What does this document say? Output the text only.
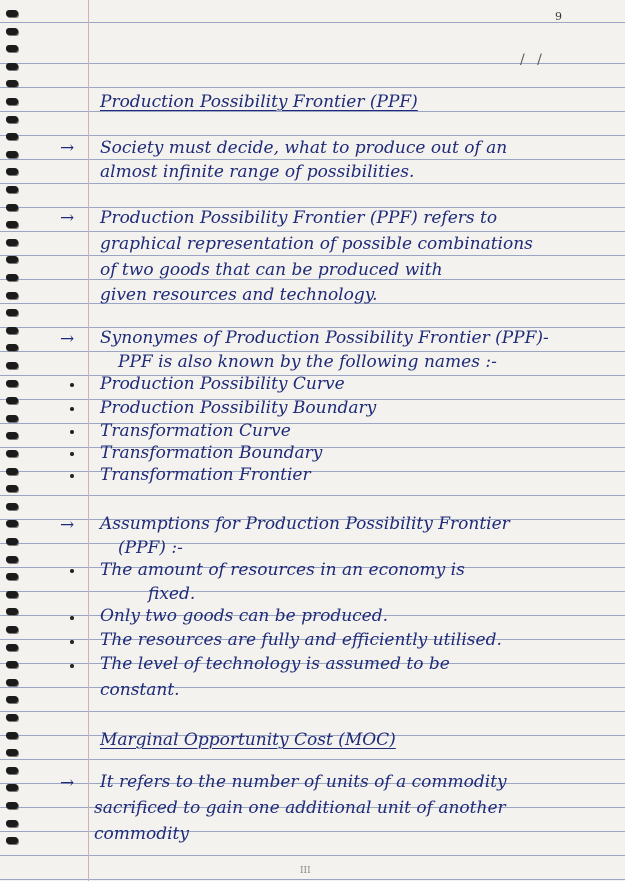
9
/ /
Production Possibility Frontier (PPF)
→ Society must decide, what to produce out of an
almost infinite range of possibilities.
→ Production Possibility Frontier (PPF) refers to
graphical representation of possible combinations
of two goods that can be produced with
given resources and technology.
→ Synonymes of Production Possibility Frontier (PPF)-
PPF is also known by the following names :-
Production Possibility Curve
Production Possibility Boundary
Transformation Curve
Transformation Boundary
Transformation Frontier
→ Assumptions for Production Possibility Frontier
(PPF) :-
The amount of resources in an economy is
fixed.
Only two goods can be produced.
The resources are fully and efficiently utilised.
The level of technology is assumed to be
constant.
Marginal Opportunity Cost (MOC)
→ It refers to the number of units of a commodity
sacrificed to gain one additional unit of another
commodity
III
